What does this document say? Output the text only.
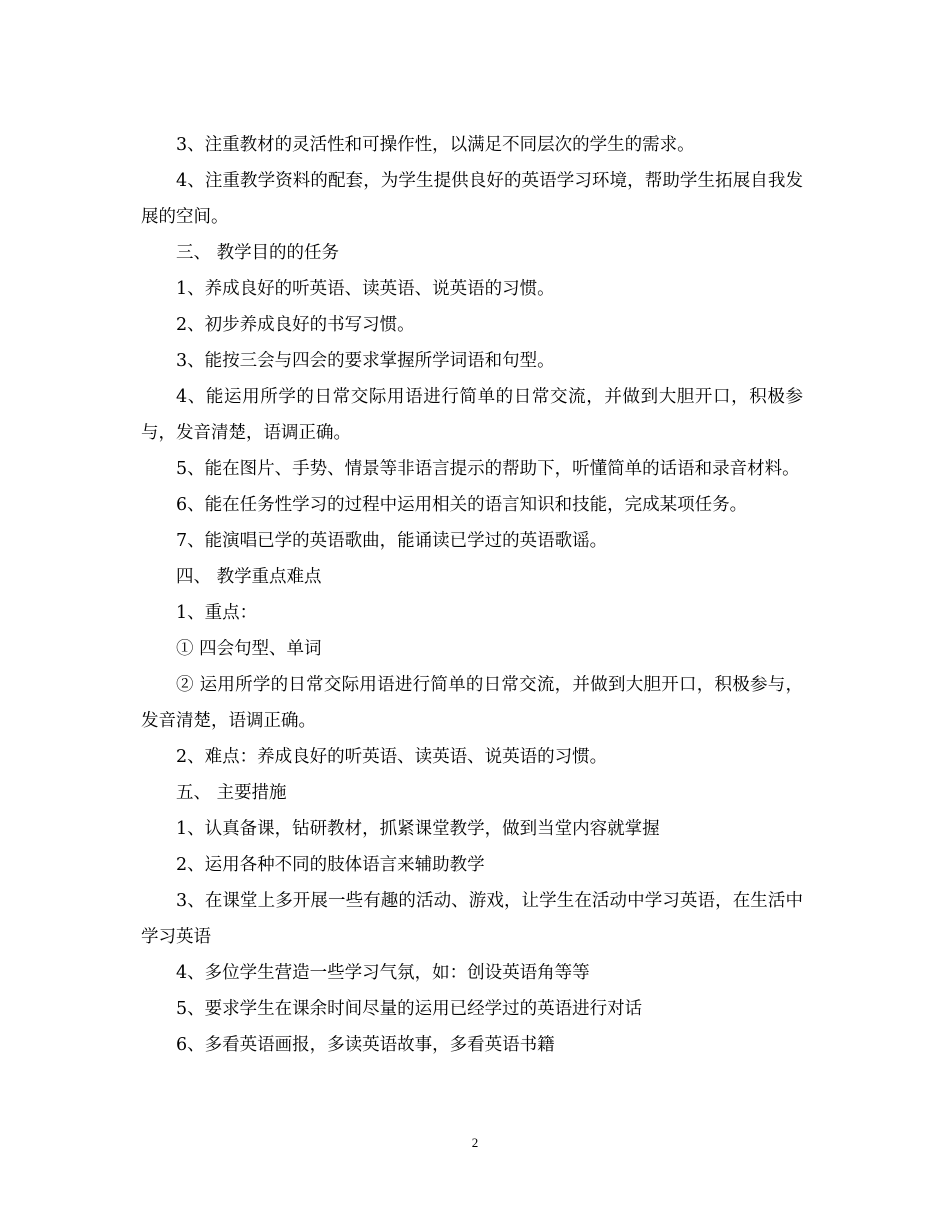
3、注重教材的灵活性和可操作性，以满足不同层次的学生的需求。

4、注重教学资料的配套，为学生提供良好的英语学习环境，帮助学生拓展自我发展的空间。

三、 教学目的的任务

1、养成良好的听英语、读英语、说英语的习惯。

2、初步养成良好的书写习惯。

3、能按三会与四会的要求掌握所学词语和句型。

4、能运用所学的日常交际用语进行简单的日常交流，并做到大胆开口，积极参与，发音清楚，语调正确。

5、能在图片、手势、情景等非语言提示的帮助下，听懂简单的话语和录音材料。

6、能在任务性学习的过程中运用相关的语言知识和技能，完成某项任务。

7、能演唱已学的英语歌曲，能诵读已学过的英语歌谣。

四、 教学重点难点

1、重点：

① 四会句型、单词

② 运用所学的日常交际用语进行简单的日常交流，并做到大胆开口，积极参与，发音清楚，语调正确。

2、难点：养成良好的听英语、读英语、说英语的习惯。

五、 主要措施

1、认真备课，钻研教材，抓紧课堂教学，做到当堂内容就掌握

2、运用各种不同的肢体语言来辅助教学

3、在课堂上多开展一些有趣的活动、游戏，让学生在活动中学习英语，在生活中学习英语

4、多位学生营造一些学习气氛，如：创设英语角等等

5、要求学生在课余时间尽量的运用已经学过的英语进行对话

6、多看英语画报，多读英语故事，多看英语书籍

2
